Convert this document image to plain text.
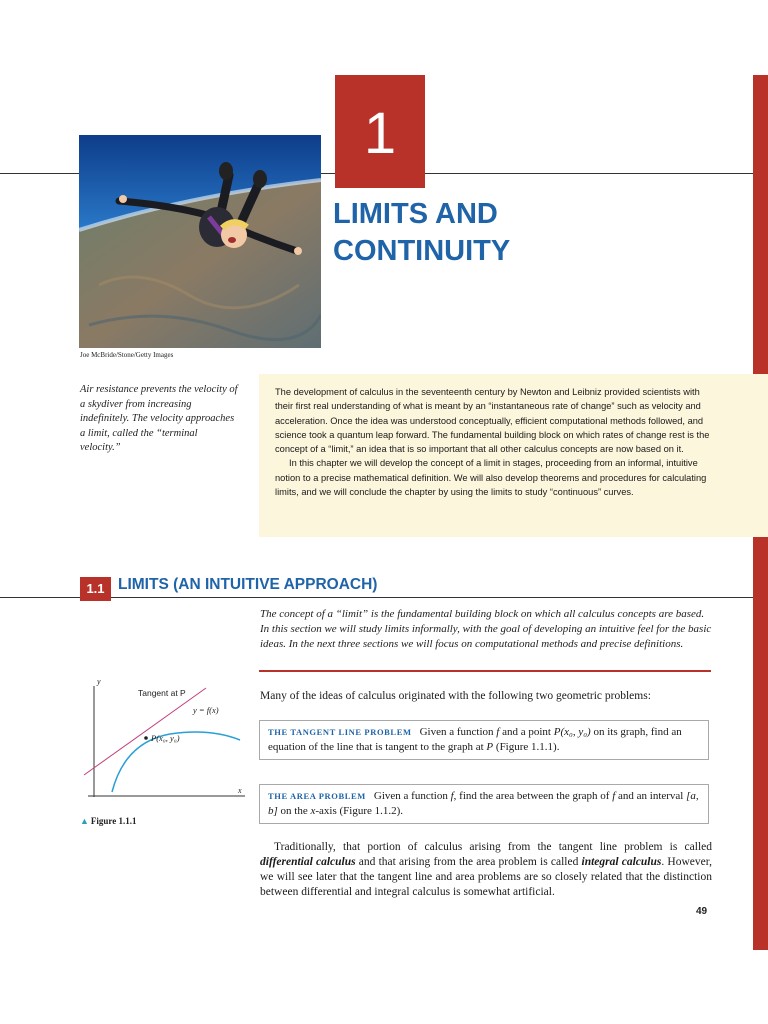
1
LIMITS AND
CONTINUITY
Joe McBride/Stone/Getty Images
Air resistance prevents the velocity of a skydiver from increasing indefinitely. The velocity approaches a limit, called the “terminal velocity.”

The development of calculus in the seventeenth century by Newton and Leibniz provided scientists with their first real understanding of what is meant by an “instantaneous rate of change” such as velocity and acceleration. Once the idea was understood conceptually, efficient computational methods followed, and science took a quantum leap forward. The fundamental building block on which rates of change rest is the concept of a “limit,” an idea that is so important that all other calculus concepts are now based on it.

In this chapter we will develop the concept of a limit in stages, proceeding from an informal, intuitive notion to a precise mathematical definition. We will also develop theorems and procedures for calculating limits, and we will conclude the chapter by using the limits to study “continuous” curves.

1.1 LIMITS (AN INTUITIVE APPROACH)
The concept of a “limit” is the fundamental building block on which all calculus concepts are based. In this section we will study limits informally, with the goal of developing an intuitive feel for the basic ideas. In the next three sections we will focus on computational methods and precise definitions.
y
x
Tangent at P
y = f(x)
P(x₀, y₀)
▲ Figure 1.1.1
Many of the ideas of calculus originated with the following two geometric problems:
THE TANGENT LINE PROBLEM Given a function f and a point P(x₀, y₀) on its graph, find an equation of the line that is tangent to the graph at P (Figure 1.1.1).
THE AREA PROBLEM Given a function f, find the area between the graph of f and an interval [a, b] on the x-axis (Figure 1.1.2).
Traditionally, that portion of calculus arising from the tangent line problem is called differential calculus and that arising from the area problem is called integral calculus. However, we will see later that the tangent line and area problems are so closely related that the distinction between differential and integral calculus is somewhat artificial.
49
